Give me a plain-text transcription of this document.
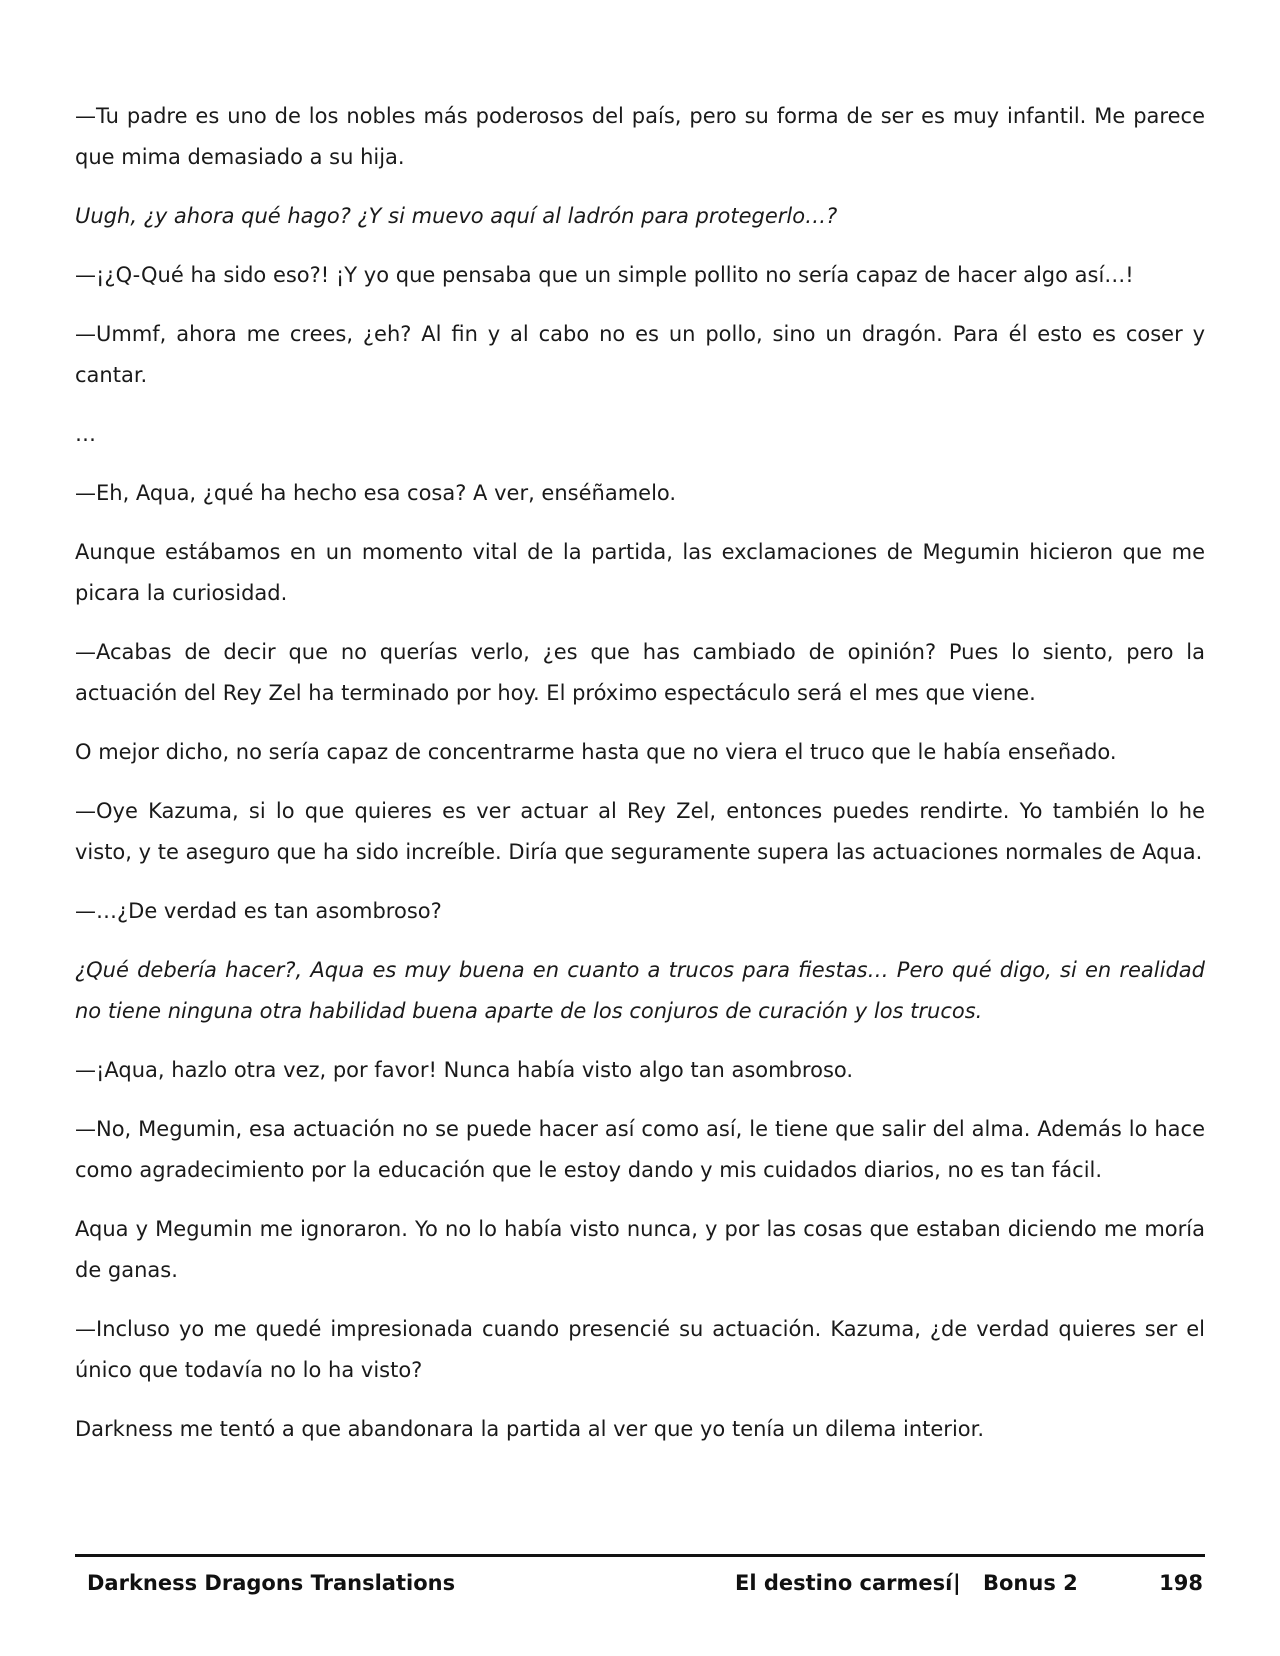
—Tu padre es uno de los nobles más poderosos del país, pero su forma de ser es muy infantil. Me parece que mima demasiado a su hija.

Uugh, ¿y ahora qué hago? ¿Y si muevo aquí al ladrón para protegerlo…?

—¡¿Q-Qué ha sido eso?! ¡Y yo que pensaba que un simple pollito no sería capaz de hacer algo así…!

—Ummf, ahora me crees, ¿eh? Al fin y al cabo no es un pollo, sino un dragón. Para él esto es coser y cantar.

…

—Eh, Aqua, ¿qué ha hecho esa cosa? A ver, enséñamelo.

Aunque estábamos en un momento vital de la partida, las exclamaciones de Megumin hicieron que me picara la curiosidad.

—Acabas de decir que no querías verlo, ¿es que has cambiado de opinión? Pues lo siento, pero la actuación del Rey Zel ha terminado por hoy. El próximo espectáculo será el mes que viene.

O mejor dicho, no sería capaz de concentrarme hasta que no viera el truco que le había enseñado.

—Oye Kazuma, si lo que quieres es ver actuar al Rey Zel, entonces puedes rendirte. Yo también lo he visto, y te aseguro que ha sido increíble. Diría que seguramente supera las actuaciones normales de Aqua.

—…¿De verdad es tan asombroso?

¿Qué debería hacer?, Aqua es muy buena en cuanto a trucos para fiestas… Pero qué digo, si en realidad no tiene ninguna otra habilidad buena aparte de los conjuros de curación y los trucos.

—¡Aqua, hazlo otra vez, por favor! Nunca había visto algo tan asombroso.

—No, Megumin, esa actuación no se puede hacer así como así, le tiene que salir del alma. Además lo hace como agradecimiento por la educación que le estoy dando y mis cuidados diarios, no es tan fácil.

Aqua y Megumin me ignoraron. Yo no lo había visto nunca, y por las cosas que estaban diciendo me moría de ganas.

—Incluso yo me quedé impresionada cuando presencié su actuación. Kazuma, ¿de verdad quieres ser el único que todavía no lo ha visto?

Darkness me tentó a que abandonara la partida al ver que yo tenía un dilema interior.

Darkness Dragons Translations	El destino carmesí | Bonus 2	198
